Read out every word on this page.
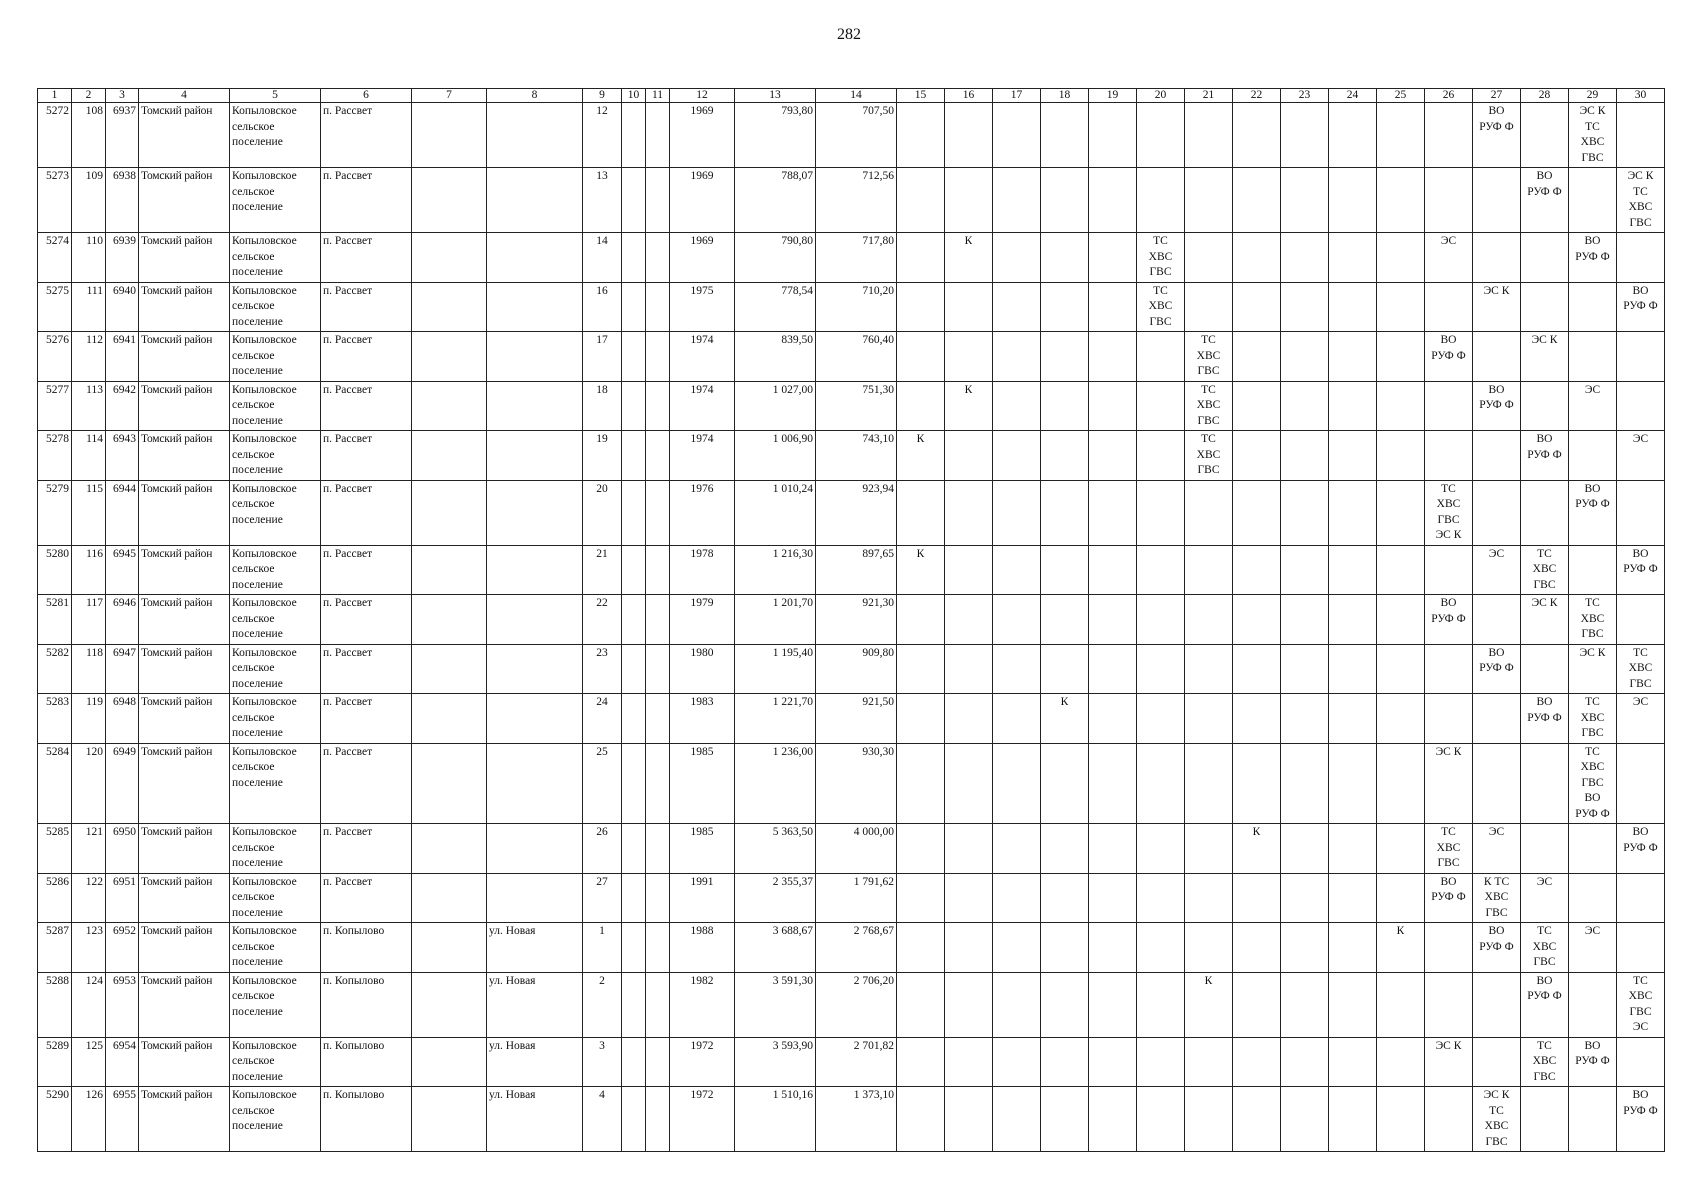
282
1	2	3	4	5	6	7	8	9	10	11	12	13	14	15	16	17	18	19	20	21	22	23	24	25	26	27	28	29	30
5272	108	6937	Томский район	Копыловское
сельское
поселение	п. Рассвет			12			1969	793,80	707,50													ВО
РУФ Ф		ЭС К
ТС
ХВС
ГВС	
5273	109	6938	Томский район	Копыловское
сельское
поселение	п. Рассвет			13			1969	788,07	712,56														ВО
РУФ Ф		ЭС К
ТС
ХВС
ГВС
5274	110	6939	Томский район	Копыловское
сельское
поселение	п. Рассвет			14			1969	790,80	717,80		К				ТС
ХВС
ГВС						ЭС			ВО
РУФ Ф	
5275	111	6940	Томский район	Копыловское
сельское
поселение	п. Рассвет			16			1975	778,54	710,20						ТС
ХВС
ГВС							ЭС К			ВО
РУФ Ф
5276	112	6941	Томский район	Копыловское
сельское
поселение	п. Рассвет			17			1974	839,50	760,40							ТС
ХВС
ГВС					ВО
РУФ Ф		ЭС К		
5277	113	6942	Томский район	Копыловское
сельское
поселение	п. Рассвет			18			1974	1 027,00	751,30		К					ТС
ХВС
ГВС						ВО
РУФ Ф		ЭС	
5278	114	6943	Томский район	Копыловское
сельское
поселение	п. Рассвет			19			1974	1 006,90	743,10	К						ТС
ХВС
ГВС							ВО
РУФ Ф		ЭС
5279	115	6944	Томский район	Копыловское
сельское
поселение	п. Рассвет			20			1976	1 010,24	923,94												ТС
ХВС
ГВС
ЭС К			ВО
РУФ Ф	
5280	116	6945	Томский район	Копыловское
сельское
поселение	п. Рассвет			21			1978	1 216,30	897,65	К												ЭС	ТС
ХВС
ГВС		ВО
РУФ Ф
5281	117	6946	Томский район	Копыловское
сельское
поселение	п. Рассвет			22			1979	1 201,70	921,30												ВО
РУФ Ф		ЭС К	ТС
ХВС
ГВС	
5282	118	6947	Томский район	Копыловское
сельское
поселение	п. Рассвет			23			1980	1 195,40	909,80													ВО
РУФ Ф		ЭС К	ТС
ХВС
ГВС
5283	119	6948	Томский район	Копыловское
сельское
поселение	п. Рассвет			24			1983	1 221,70	921,50				К										ВО
РУФ Ф	ТС
ХВС
ГВС	ЭС
5284	120	6949	Томский район	Копыловское
сельское
поселение	п. Рассвет			25			1985	1 236,00	930,30												ЭС К			ТС
ХВС
ГВС
ВО
РУФ Ф	
5285	121	6950	Томский район	Копыловское
сельское
поселение	п. Рассвет			26			1985	5 363,50	4 000,00								К				ТС
ХВС
ГВС	ЭС			ВО
РУФ Ф
5286	122	6951	Томский район	Копыловское
сельское
поселение	п. Рассвет			27			1991	2 355,37	1 791,62												ВО
РУФ Ф	К ТС
ХВС
ГВС	ЭС		
5287	123	6952	Томский район	Копыловское
сельское
поселение	п. Копылово		ул. Новая	1			1988	3 688,67	2 768,67											К		ВО
РУФ Ф	ТС
ХВС
ГВС	ЭС	
5288	124	6953	Томский район	Копыловское
сельское
поселение	п. Копылово		ул. Новая	2			1982	3 591,30	2 706,20							К							ВО
РУФ Ф		ТС
ХВС
ГВС
ЭС
5289	125	6954	Томский район	Копыловское
сельское
поселение	п. Копылово		ул. Новая	3			1972	3 593,90	2 701,82												ЭС К		ТС
ХВС
ГВС	ВО
РУФ Ф	
5290	126	6955	Томский район	Копыловское
сельское
поселение	п. Копылово		ул. Новая	4			1972	1 510,16	1 373,10													ЭС К
ТС
ХВС
ГВС			ВО
РУФ Ф
